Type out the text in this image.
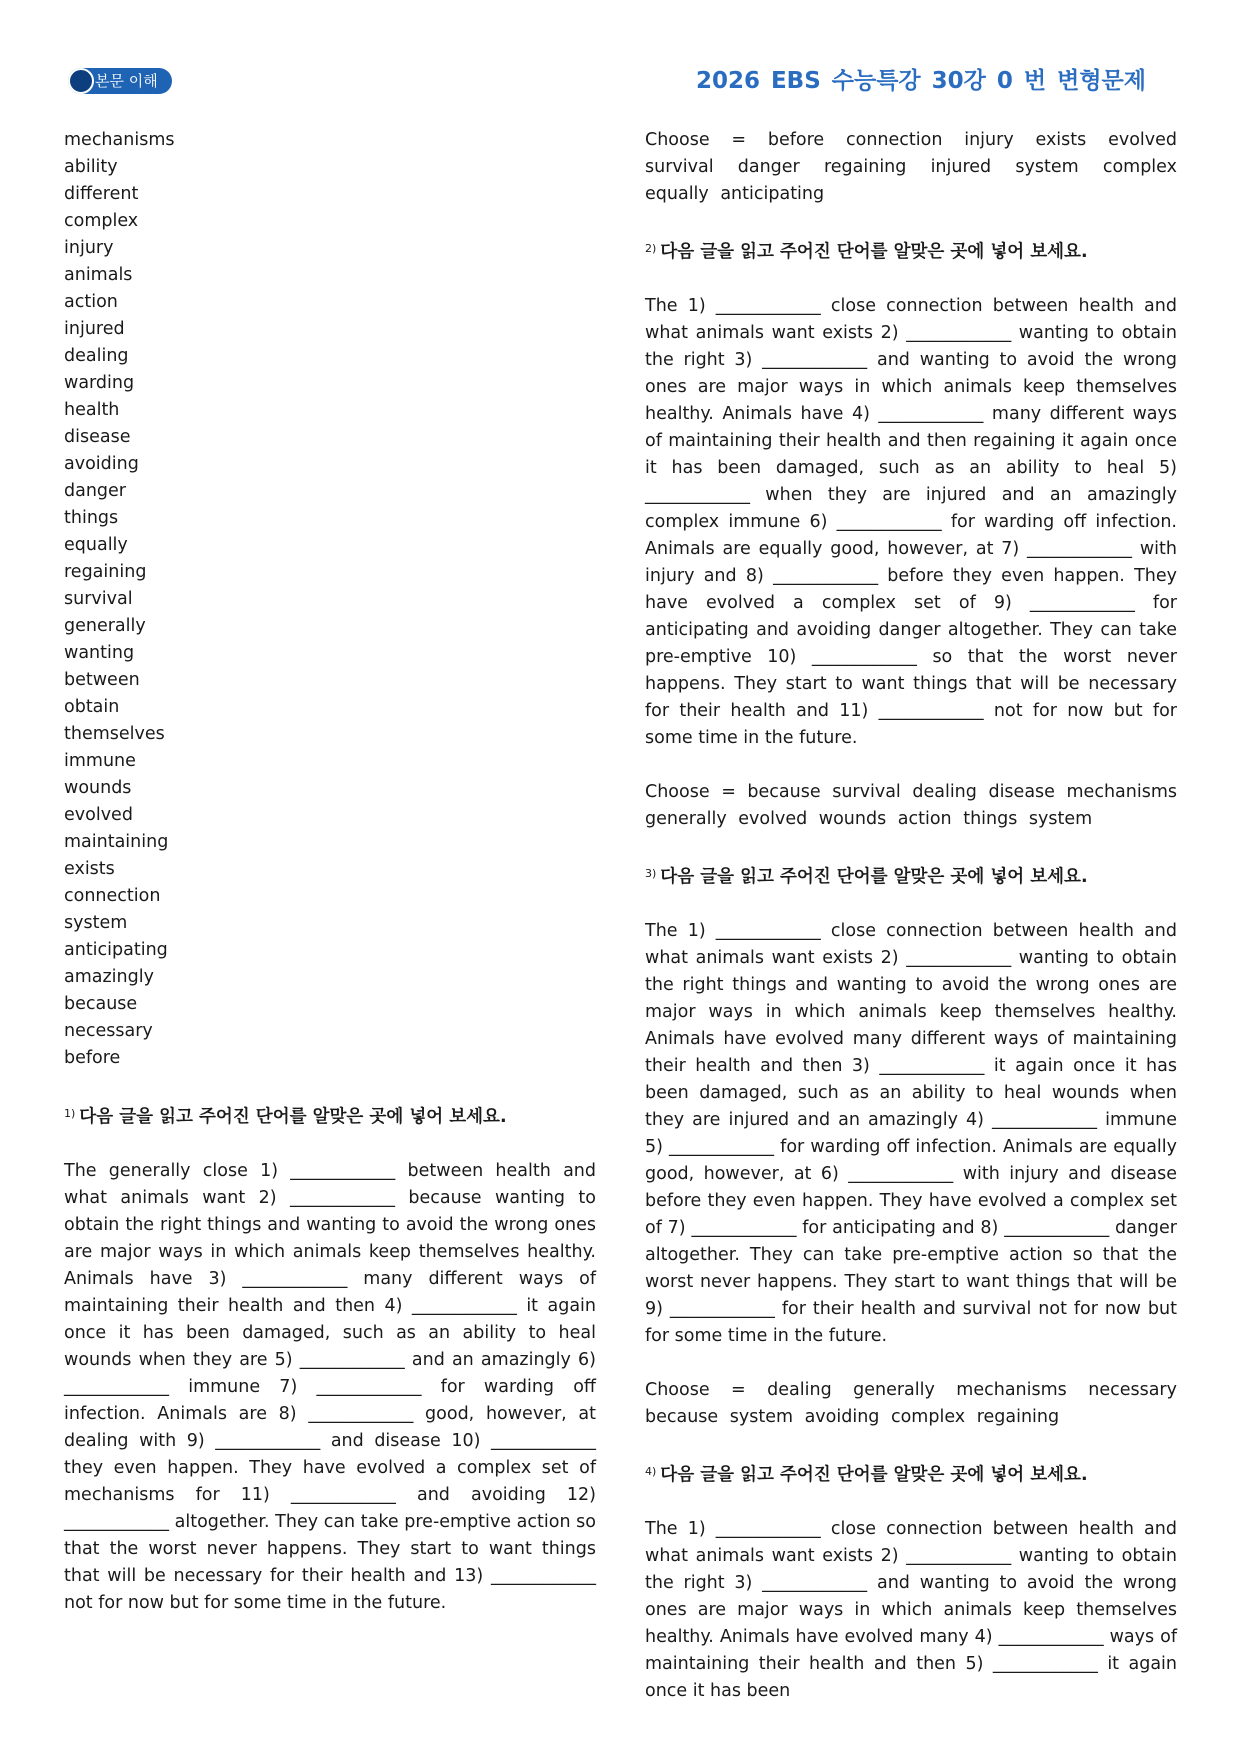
본문 이해	2026 EBS 수능특강 30강 0 번 변형문제
mechanisms
ability
different
complex
injury
animals
action
injured
dealing
warding
health
disease
avoiding
danger
things
equally
regaining
survival
generally
wanting
between
obtain
themselves
immune
wounds
evolved
maintaining
exists
connection
system
anticipating
amazingly
because
necessary
before

$^{1)}$ 다음 글을 읽고 주어진 단어를 알맞은 곳에 넣어 보세요.

The generally close 1) ____________ between health and what animals want 2) ____________ because wanting to obtain the right things and wanting to avoid the wrong ones are major ways in which animals keep themselves healthy. Animals have 3) ____________ many different ways of maintaining their health and then 4) ____________ it again once it has been damaged, such as an ability to heal wounds when they are 5) ____________ and an amazingly 6) ____________ immune 7) ____________ for warding off infection. Animals are 8) ____________ good, however, at dealing with 9) ____________ and disease 10) ____________ they even happen. They have evolved a complex set of mechanisms for 11) ____________ and avoiding 12) ____________ altogether. They can take pre-emptive action so that the worst never happens. They start to want things that will be necessary for their health and 13) ____________ not for now but for some time in the future.

Choose = before connection injury exists evolved survival danger regaining injured system complex equally anticipating

$^{2)}$ 다음 글을 읽고 주어진 단어를 알맞은 곳에 넣어 보세요.

The 1) ____________ close connection between health and what animals want exists 2) ____________ wanting to obtain the right 3) ____________ and wanting to avoid the wrong ones are major ways in which animals keep themselves healthy. Animals have 4) ____________ many different ways of maintaining their health and then regaining it again once it has been damaged, such as an ability to heal 5) ____________ when they are injured and an amazingly complex immune 6) ____________ for warding off infection. Animals are equally good, however, at 7) ____________ with injury and 8) ____________ before they even happen. They have evolved a complex set of 9) ____________ for anticipating and avoiding danger altogether. They can take pre-emptive 10) ____________ so that the worst never happens. They start to want things that will be necessary for their health and 11) ____________ not for now but for some time in the future.

Choose = because survival dealing disease mechanisms generally evolved wounds action things system

$^{3)}$ 다음 글을 읽고 주어진 단어를 알맞은 곳에 넣어 보세요.

The 1) ____________ close connection between health and what animals want exists 2) ____________ wanting to obtain the right things and wanting to avoid the wrong ones are major ways in which animals keep themselves healthy. Animals have evolved many different ways of maintaining their health and then 3) ____________ it again once it has been damaged, such as an ability to heal wounds when they are injured and an amazingly 4) ____________ immune 5) ____________ for warding off infection. Animals are equally good, however, at 6) ____________ with injury and disease before they even happen. They have evolved a complex set of 7) ____________ for anticipating and 8) ____________ danger altogether. They can take pre-emptive action so that the worst never happens. They start to want things that will be 9) ____________ for their health and survival not for now but for some time in the future.

Choose = dealing generally mechanisms necessary because system avoiding complex regaining

$^{4)}$ 다음 글을 읽고 주어진 단어를 알맞은 곳에 넣어 보세요.

The 1) ____________ close connection between health and what animals want exists 2) ____________ wanting to obtain the right 3) ____________ and wanting to avoid the wrong ones are major ways in which animals keep themselves healthy. Animals have evolved many 4) ____________ ways of maintaining their health and then 5) ____________ it again once it has been
